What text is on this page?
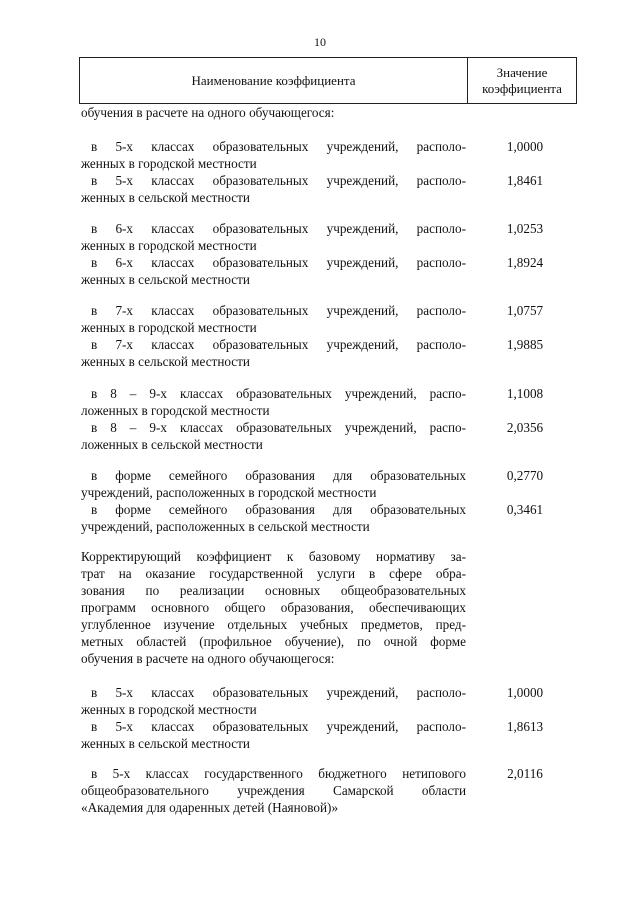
10
Наименование коэффициента
Значение
коэффициента
обучения в расчете на одного обучающегося:
в 5-х классах образовательных учреждений, располо-
женных в городской местности
1,0000
в 5-х классах образовательных учреждений, располо-
женных в сельской местности
1,8461
в 6-х классах образовательных учреждений, располо-
женных в городской местности
1,0253
в 6-х классах образовательных учреждений, располо-
женных в сельской местности
1,8924
в 7-х классах образовательных учреждений, располо-
женных в городской местности
1,0757
в 7-х классах образовательных учреждений, располо-
женных в сельской местности
1,9885
в 8 – 9-х классах образовательных учреждений, распо-
ложенных в городской местности
1,1008
в 8 – 9-х классах образовательных учреждений, распо-
ложенных в сельской местности
2,0356
в форме семейного образования для образовательных
учреждений, расположенных в городской местности
0,2770
в форме семейного образования для образовательных
учреждений, расположенных в сельской местности
0,3461
Корректирующий коэффициент к базовому нормативу за-
трат на оказание государственной услуги в сфере обра-
зования по реализации основных общеобразовательных
программ основного общего образования, обеспечивающих
углубленное изучение отдельных учебных предметов, пред-
метных областей (профильное обучение), по очной форме
обучения в расчете на одного обучающегося:
в 5-х классах образовательных учреждений, располо-
женных в городской местности
1,0000
в 5-х классах образовательных учреждений, располо-
женных в сельской местности
1,8613
в 5-х классах государственного бюджетного нетипового
общеобразовательного учреждения Самарской области
«Академия для одаренных детей (Наяновой)»
2,0116
